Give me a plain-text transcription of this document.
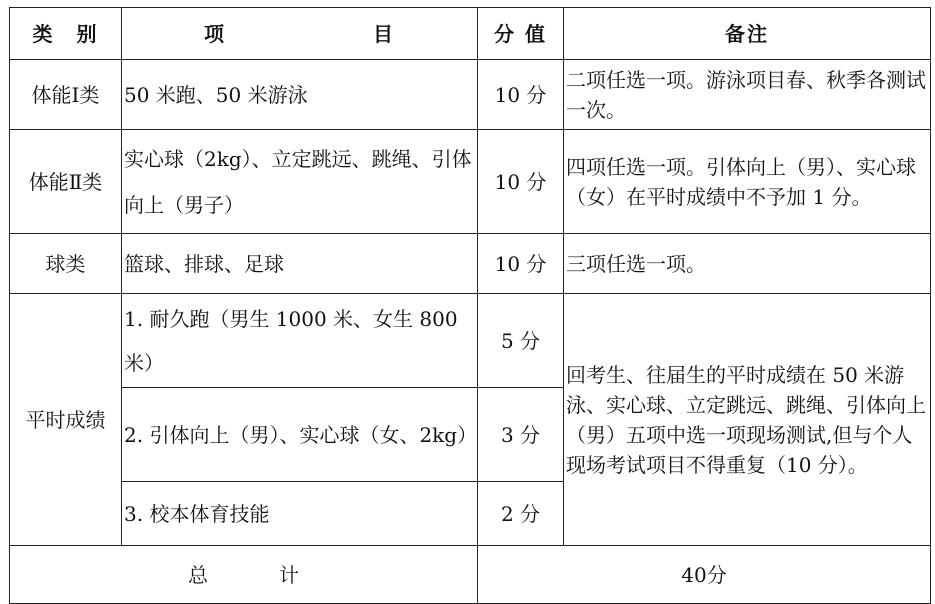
类  别	项 目	分 值	备注
体能Ⅰ类	50 米跑、50 米游泳	10 分	二项任选一项。游泳项目春、秋季各测试一次。
体能Ⅱ类	实心球（2kg）、立定跳远、跳绳、引体向上（男子）	10 分	四项任选一项。引体向上（男）、实心球（女）在平时成绩中不予加 1 分。
球类	篮球、排球、足球	10 分	三项任选一项。
平时成绩	1. 耐久跑（男生 1000 米、女生 800 米）	5 分	回考生、往届生的平时成绩在 50 米游泳、实心球、立定跳远、跳绳、引体向上（男）五项中选一项现场测试,但与个人现场考试项目不得重复（10 分）。
	2. 引体向上（男）、实心球（女、2kg）	3 分	
	3. 校本体育技能	2 分	

总 计		40分	
